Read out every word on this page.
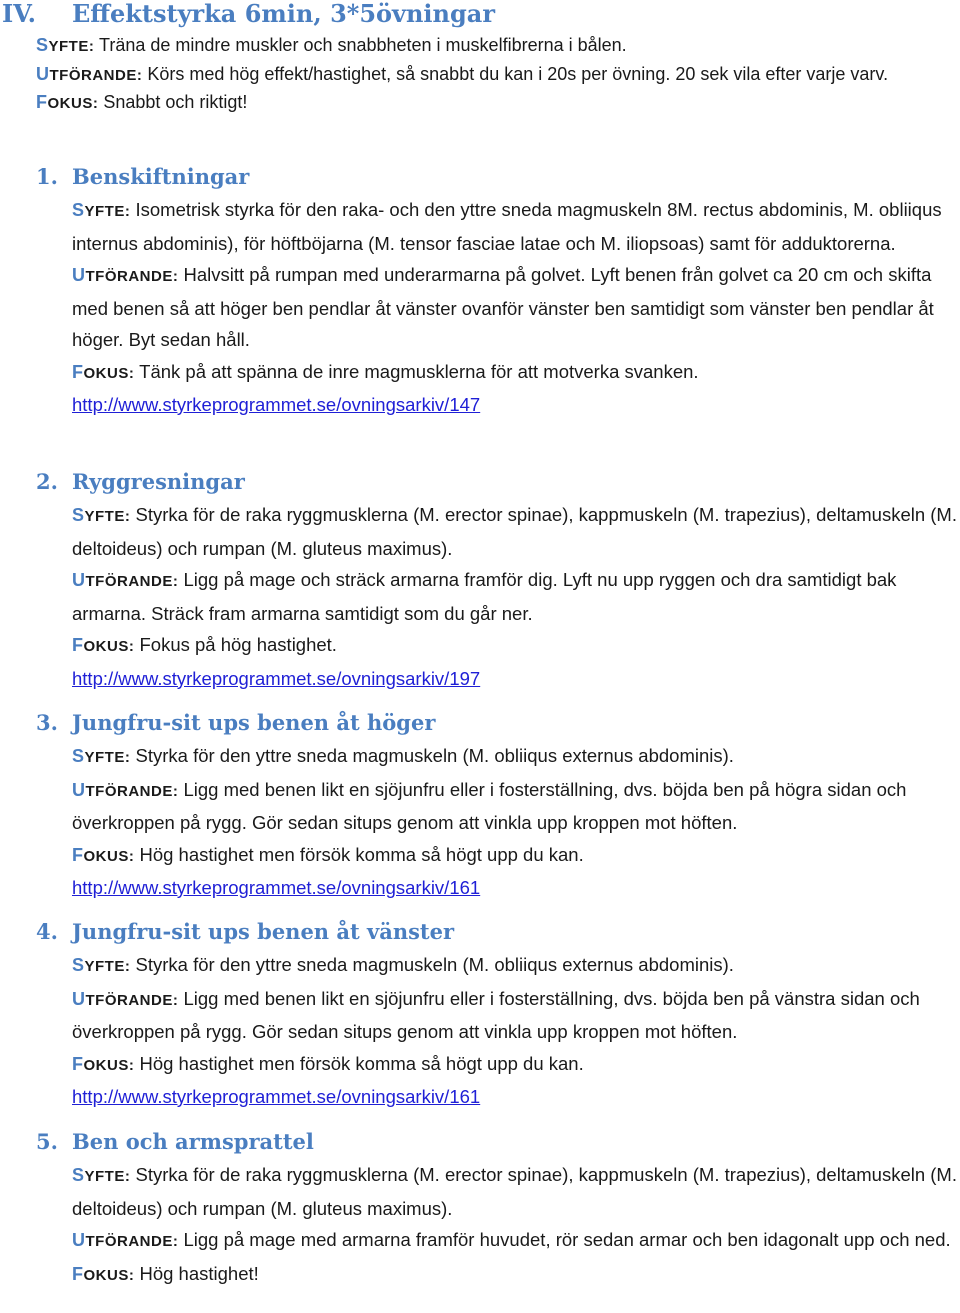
IV. Effektstyrka 6min, 3*5övningar

SYFTE: Träna de mindre muskler och snabbheten i muskelfibrerna i bålen.

UTFÖRANDE: Körs med hög effekt/hastighet, så snabbt du kan i 20s per övning. 20 sek vila efter varje varv.

FOKUS: Snabbt och riktigt!

1. Benskiftningar

SYFTE: Isometrisk styrka för den raka- och den yttre sneda magmuskeln 8M. rectus abdominis, M. obliiqus internus abdominis), för höftböjarna (M. tensor fasciae latae och M. iliopsoas) samt för adduktorerna.

UTFÖRANDE: Halvsitt på rumpan med underarmarna på golvet. Lyft benen från golvet ca 20 cm och skifta med benen så att höger ben pendlar åt vänster ovanför vänster ben samtidigt som vänster ben pendlar åt höger. Byt sedan håll.

FOKUS: Tänk på att spänna de inre magmusklerna för att motverka svanken.

http://www.styrkeprogrammet.se/ovningsarkiv/147

2. Ryggresningar

SYFTE: Styrka för de raka ryggmusklerna (M. erector spinae), kappmuskeln (M. trapezius), deltamuskeln (M. deltoideus) och rumpan (M. gluteus maximus).

UTFÖRANDE: Ligg på mage och sträck armarna framför dig. Lyft nu upp ryggen och dra samtidigt bak armarna. Sträck fram armarna samtidigt som du går ner.

FOKUS: Fokus på hög hastighet.

http://www.styrkeprogrammet.se/ovningsarkiv/197

3. Jungfru-sit ups benen åt höger

SYFTE: Styrka för den yttre sneda magmuskeln (M. obliiqus externus abdominis).

UTFÖRANDE: Ligg med benen likt en sjöjunfru eller i fosterställning, dvs. böjda ben på högra sidan och överkroppen på rygg. Gör sedan situps genom att vinkla upp kroppen mot höften.

FOKUS: Hög hastighet men försök komma så högt upp du kan.

http://www.styrkeprogrammet.se/ovningsarkiv/161

4. Jungfru-sit ups benen åt vänster

SYFTE: Styrka för den yttre sneda magmuskeln (M. obliiqus externus abdominis).

UTFÖRANDE: Ligg med benen likt en sjöjunfru eller i fosterställning, dvs. böjda ben på vänstra sidan och överkroppen på rygg. Gör sedan situps genom att vinkla upp kroppen mot höften.

FOKUS: Hög hastighet men försök komma så högt upp du kan.

http://www.styrkeprogrammet.se/ovningsarkiv/161

5. Ben och armsprattel

SYFTE: Styrka för de raka ryggmusklerna (M. erector spinae), kappmuskeln (M. trapezius), deltamuskeln (M. deltoideus) och rumpan (M. gluteus maximus).

UTFÖRANDE: Ligg på mage med armarna framför huvudet, rör sedan armar och ben idagonalt upp och ned.

FOKUS: Hög hastighet!
